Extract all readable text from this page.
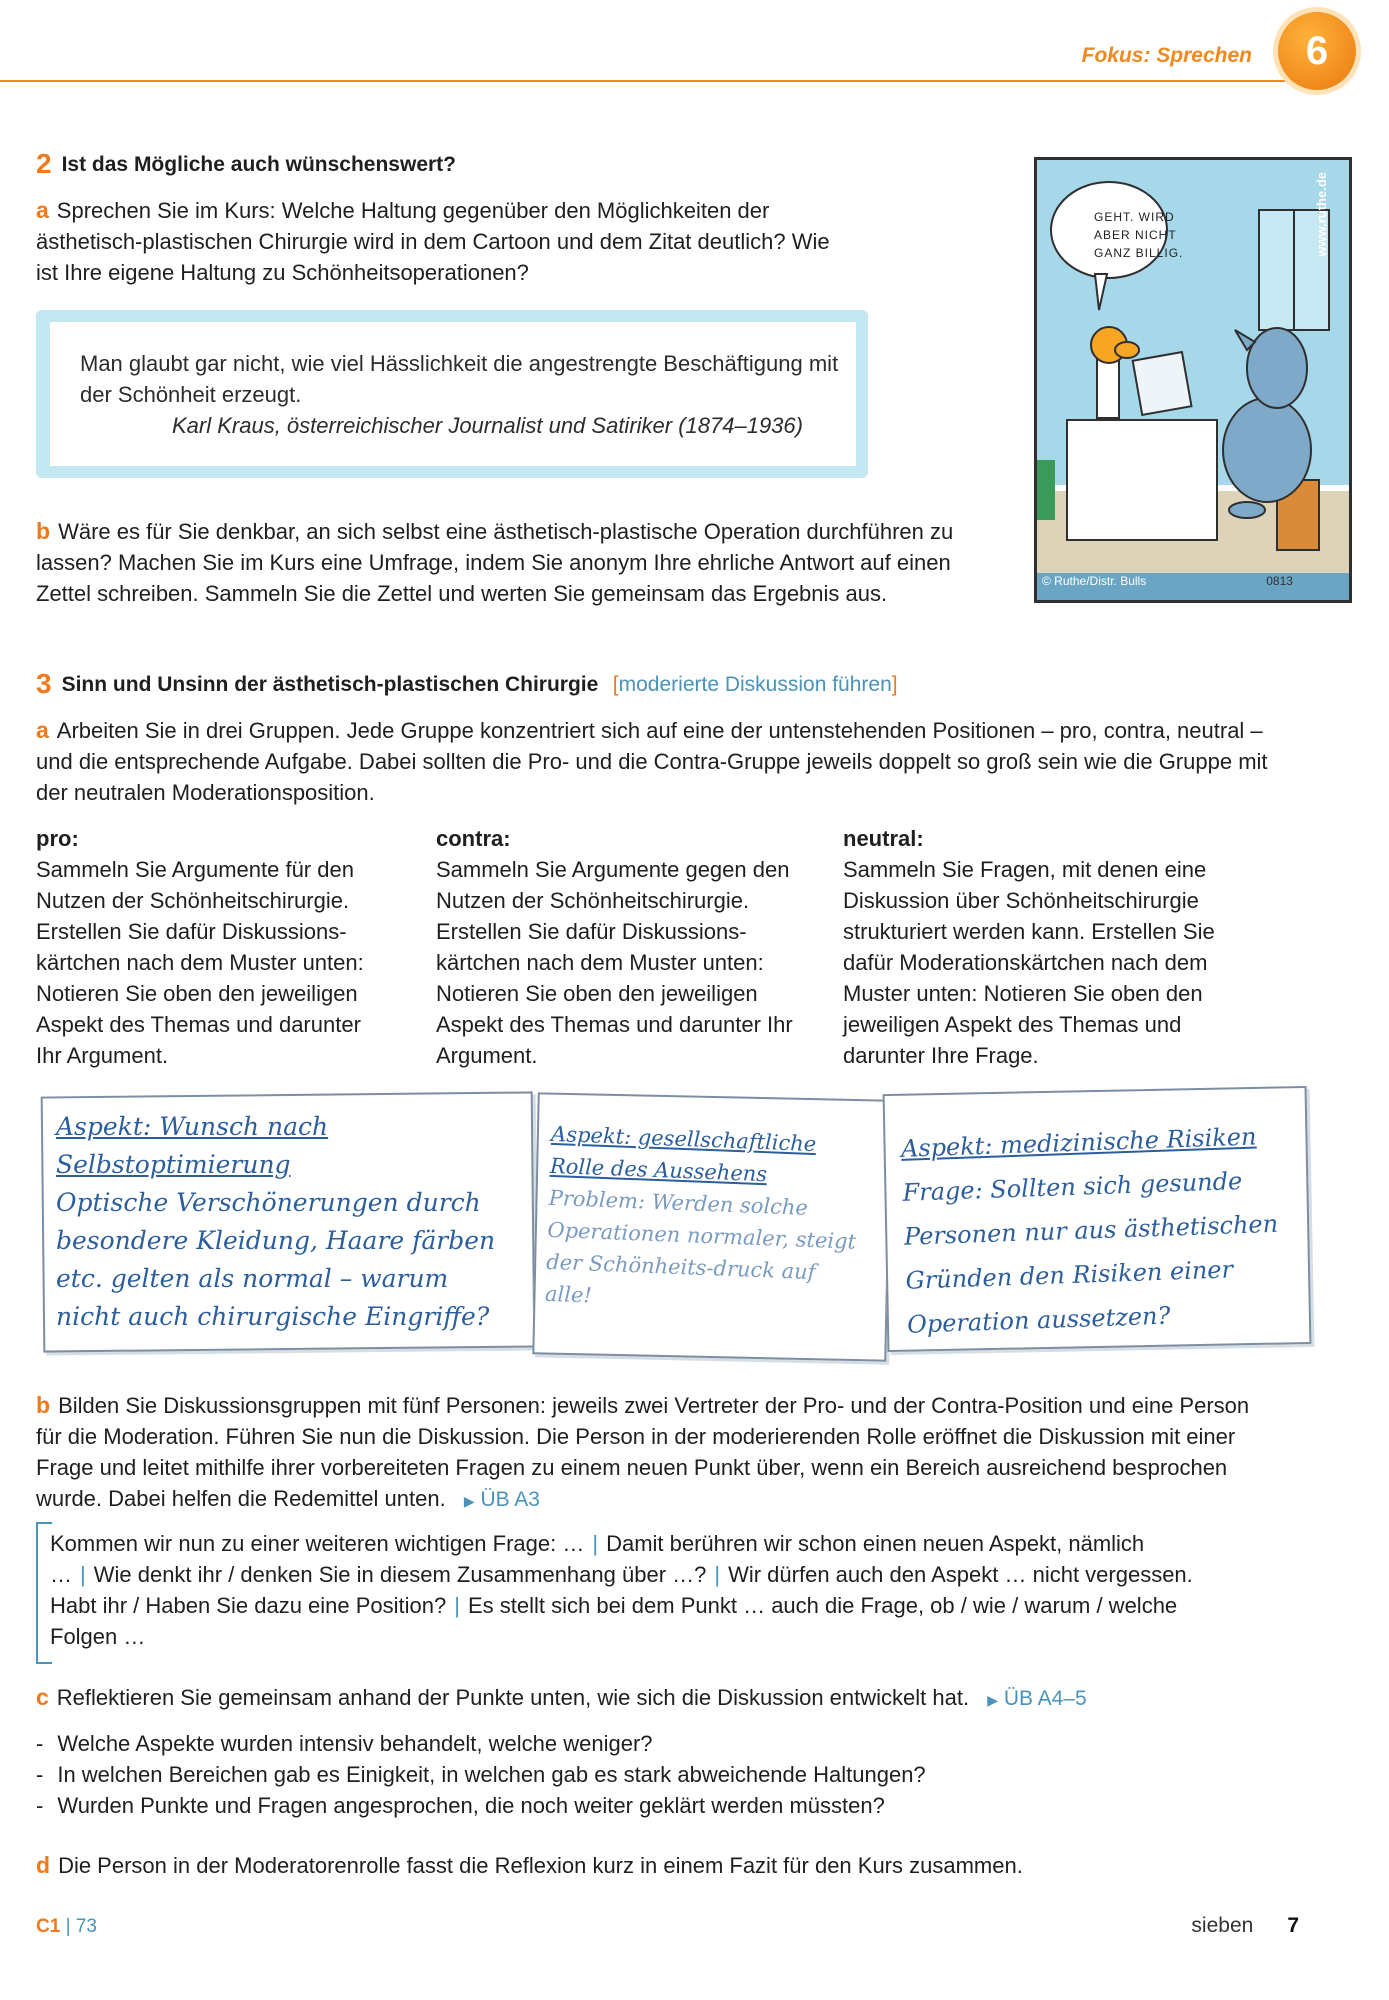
Fokus: Sprechen	6
2 Ist das Mögliche auch wünschenswert?
a Sprechen Sie im Kurs: Welche Haltung gegenüber den Möglichkeiten der ästhetisch-plastischen Chirurgie wird in dem Cartoon und dem Zitat deutlich? Wie ist Ihre eigene Haltung zu Schönheitsoperationen?
Man glaubt gar nicht, wie viel Hässlichkeit die angestrengte Beschäftigung mit der Schönheit erzeugt.
Karl Kraus, österreichischer Journalist und Satiriker (1874–1936)
b Wäre es für Sie denkbar, an sich selbst eine ästhetisch-plastische Operation durchführen zu lassen? Machen Sie im Kurs eine Umfrage, indem Sie anonym Ihre ehrliche Antwort auf einen Zettel schreiben. Sammeln Sie die Zettel und werten Sie gemeinsam das Ergebnis aus.
GEHT. WIRD ABER NICHT GANZ BILLIG.	www.ruthe.de
© Ruthe/Distr. Bulls	0813
3 Sinn und Unsinn der ästhetisch-plastischen Chirurgie [moderierte Diskussion führen]
a Arbeiten Sie in drei Gruppen. Jede Gruppe konzentriert sich auf eine der untenstehenden Positionen – pro, contra, neutral – und die entsprechende Aufgabe. Dabei sollten die Pro- und die Contra-Gruppe jeweils doppelt so groß sein wie die Gruppe mit der neutralen Moderationsposition.
pro:
Sammeln Sie Argumente für den Nutzen der Schönheitschirurgie. Erstellen Sie dafür Diskussions-kärtchen nach dem Muster unten: Notieren Sie oben den jeweiligen Aspekt des Themas und darunter Ihr Argument.
contra:
Sammeln Sie Argumente gegen den Nutzen der Schönheitschirurgie. Erstellen Sie dafür Diskussions-kärtchen nach dem Muster unten: Notieren Sie oben den jeweiligen Aspekt des Themas und darunter Ihr Argument.
neutral:
Sammeln Sie Fragen, mit denen eine Diskussion über Schönheitschirurgie strukturiert werden kann. Erstellen Sie dafür Moderationskärtchen nach dem Muster unten: Notieren Sie oben den jeweiligen Aspekt des Themas und darunter Ihre Frage.
Aspekt: Wunsch nach Selbstoptimierung
Optische Verschönerungen durch besondere Kleidung, Haare färben etc. gelten als normal – warum nicht auch chirurgische Eingriffe?
Aspekt: gesellschaftliche Rolle des Aussehens
Problem: Werden solche Operationen normaler, steigt der Schönheits-druck auf alle!
Aspekt: medizinische Risiken
Frage: Sollten sich gesunde Personen nur aus ästhetischen Gründen den Risiken einer Operation aussetzen?
b Bilden Sie Diskussionsgruppen mit fünf Personen: jeweils zwei Vertreter der Pro- und der Contra-Position und eine Person für die Moderation. Führen Sie nun die Diskussion. Die Person in der moderierenden Rolle eröffnet die Diskussion mit einer Frage und leitet mithilfe ihrer vorbereiteten Fragen zu einem neuen Punkt über, wenn ein Bereich ausreichend besprochen wurde. Dabei helfen die Redemittel unten. ▶ ÜB A3
Kommen wir nun zu einer weiteren wichtigen Frage: … | Damit berühren wir schon einen neuen Aspekt, nämlich … | Wie denkt ihr / denken Sie in diesem Zusammenhang über …? | Wir dürfen auch den Aspekt … nicht vergessen. Habt ihr / Haben Sie dazu eine Position? | Es stellt sich bei dem Punkt … auch die Frage, ob / wie / warum / welche Folgen …
c Reflektieren Sie gemeinsam anhand der Punkte unten, wie sich die Diskussion entwickelt hat. ▶ ÜB A4–5
- Welche Aspekte wurden intensiv behandelt, welche weniger?
- In welchen Bereichen gab es Einigkeit, in welchen gab es stark abweichende Haltungen?
- Wurden Punkte und Fragen angesprochen, die noch weiter geklärt werden müssten?
d Die Person in der Moderatorenrolle fasst die Reflexion kurz in einem Fazit für den Kurs zusammen.
C1 | 73	sieben 7
